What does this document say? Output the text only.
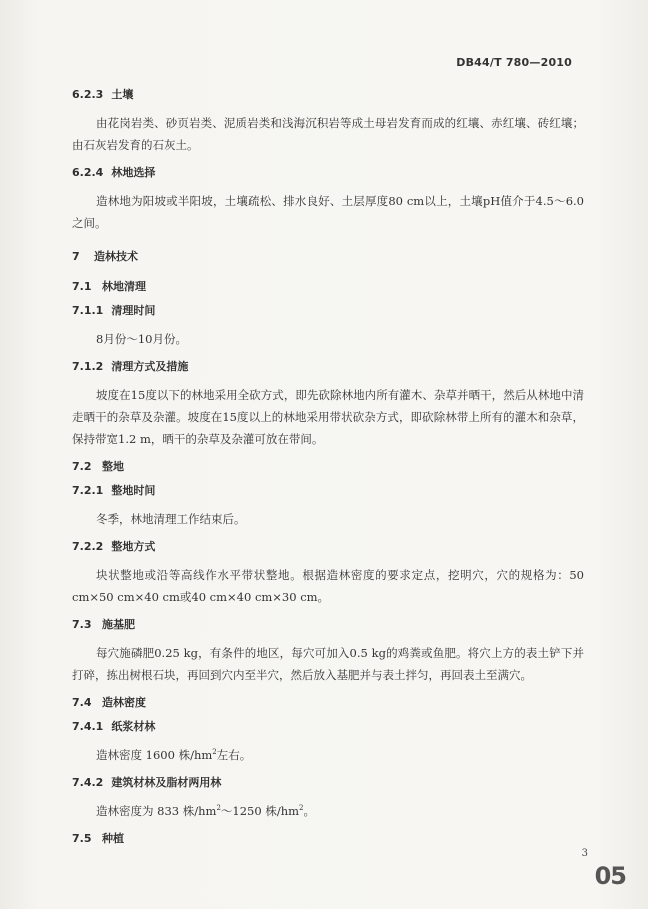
DB44/T 780—2010
6.2.3 土壤

由花岗岩类、砂页岩类、泥质岩类和浅海沉积岩等成土母岩发育而成的红壤、赤红壤、砖红壤；由石灰岩发育的石灰土。

6.2.4 林地选择

造林地为阳坡或半阳坡，土壤疏松、排水良好、土层厚度80 cm以上，土壤pH值介于4.5～6.0之间。

7 造林技术
7.1 林地清理
7.1.1 清理时间

8月份～10月份。

7.1.2 清理方式及措施

坡度在15度以下的林地采用全砍方式，即先砍除林地内所有灌木、杂草并晒干，然后从林地中清走晒干的杂草及杂灌。坡度在15度以上的林地采用带状砍杂方式，即砍除林带上所有的灌木和杂草，保持带宽1.2 m，晒干的杂草及杂灌可放在带间。

7.2 整地
7.2.1 整地时间

冬季，林地清理工作结束后。

7.2.2 整地方式

块状整地或沿等高线作水平带状整地。根据造林密度的要求定点，挖明穴，穴的规格为：50 cm×50 cm×40 cm或40 cm×40 cm×30 cm。

7.3 施基肥

每穴施磷肥0.25 kg，有条件的地区，每穴可加入0.5 kg的鸡粪或鱼肥。将穴上方的表土铲下并打碎，拣出树根石块，再回到穴内至半穴，然后放入基肥并与表土拌匀，再回表土至满穴。

7.4 造林密度
7.4.1 纸浆材林

造林密度 1600 株$/hm^2$左右。

7.4.2 建筑材林及脂材两用林

造林密度为 833 株$/hm^2\sim 1250$ 株$/hm^2$。

7.5 种植
3
05
